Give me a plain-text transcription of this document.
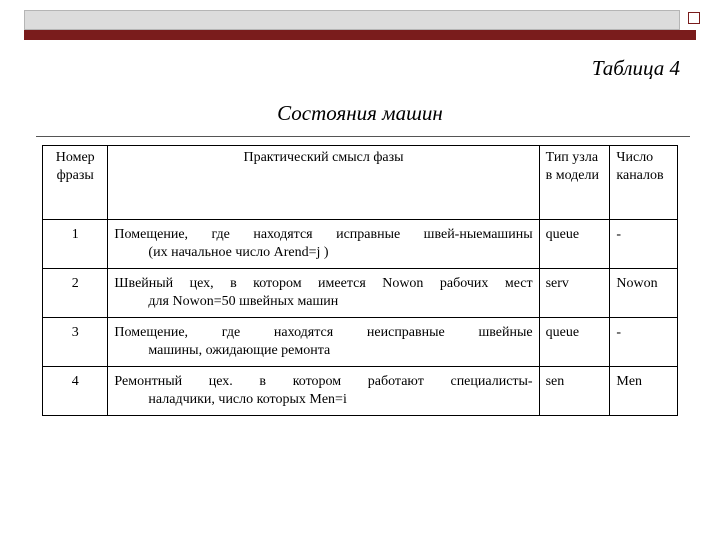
Таблица 4
Состояния машин
Номер фразы	Практический смысл фазы	Тип узла в модели	Число каналов
1	Помещение, где находятся исправные швей-ныемашины
(их начальное число Arend=j )	queue	-
2	Швейный цех, в котором имеется Nowon рабочих мест
для Nowon=50 швейных машин	serv	Nowon
3	Помещение, где находятся неисправные швейные
машины, ожидающие ремонта	queue	-
4	Ремонтный цех. в котором работают специалисты-
наладчики, число которых Men=i	sen	Men
